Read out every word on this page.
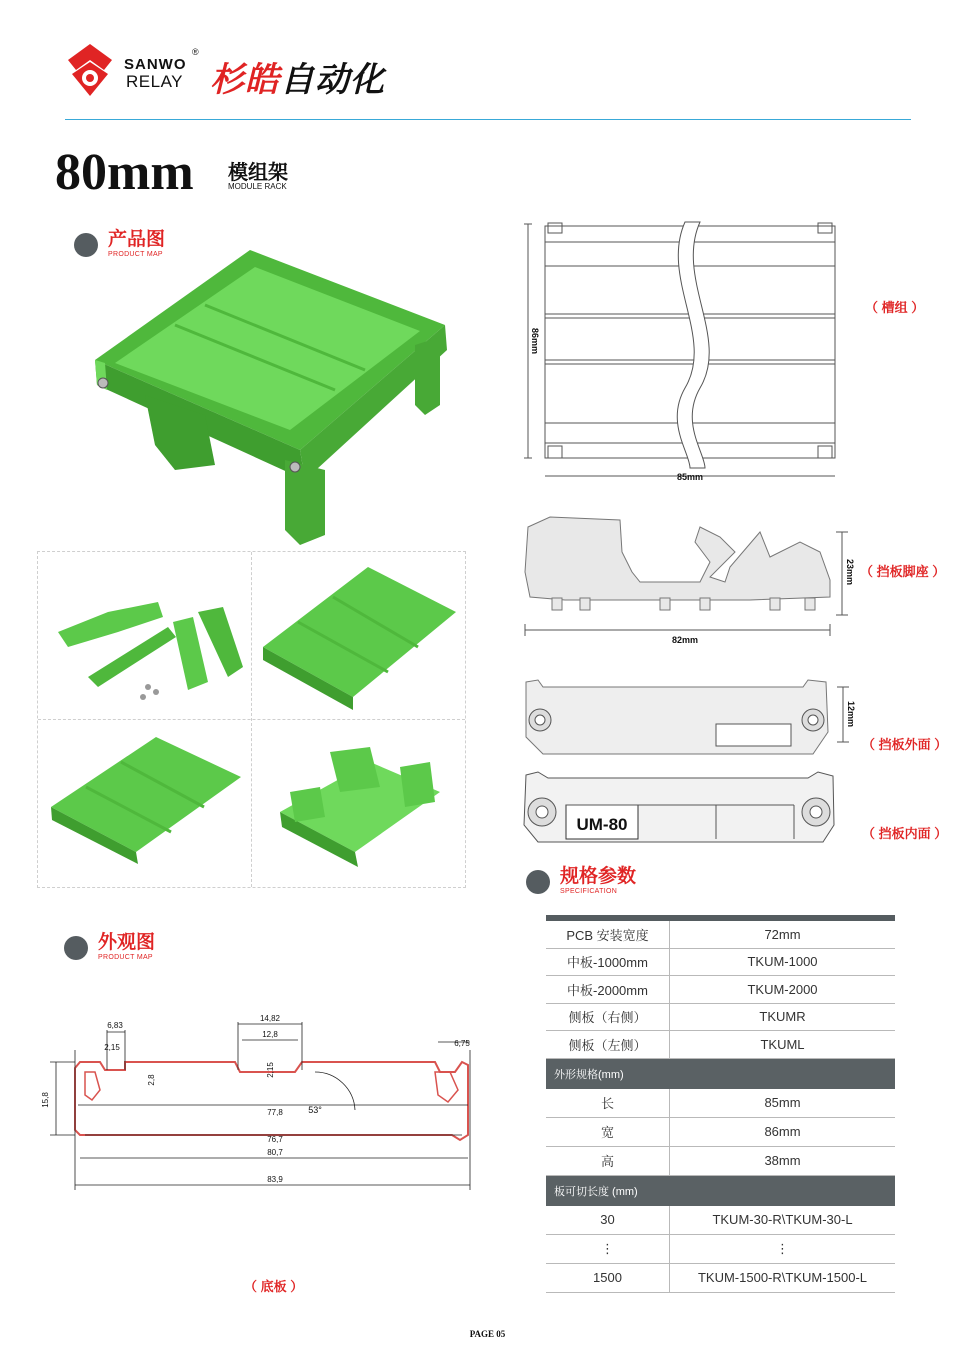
SANWO
®
RELAY 杉皓自动化
80mm 模组架
MODULE RACK
产品图
PRODUCT MAP
86mm
85mm
（ 槽组 ）
23mm
82mm
（ 挡板脚座 ）
12mm
（ 挡板外面 ）
UM-80	（ 挡板内面 ）
规格参数
SPECIFICATION
PCB 安装宽度	72mm
中板-1000mm	TKUM-1000
中板-2000mm	TKUM-2000
侧板（右侧）	TKUMR
侧板（左侧）	TKUML
外形规格(mm)
长	85mm
宽	86mm
高	38mm
板可切长度 (mm)
30	TKUM-30-R\TKUM-30-L
⋮	⋮
1500	TKUM-1500-R\TKUM-1500-L
外观图
PRODUCT MAP
6,83
2,15
14,82
12,8
6,75
15,8
2,8
2,15
77,8	53°
76,7
80,7
83,9
（ 底板 ）
PAGE 05
